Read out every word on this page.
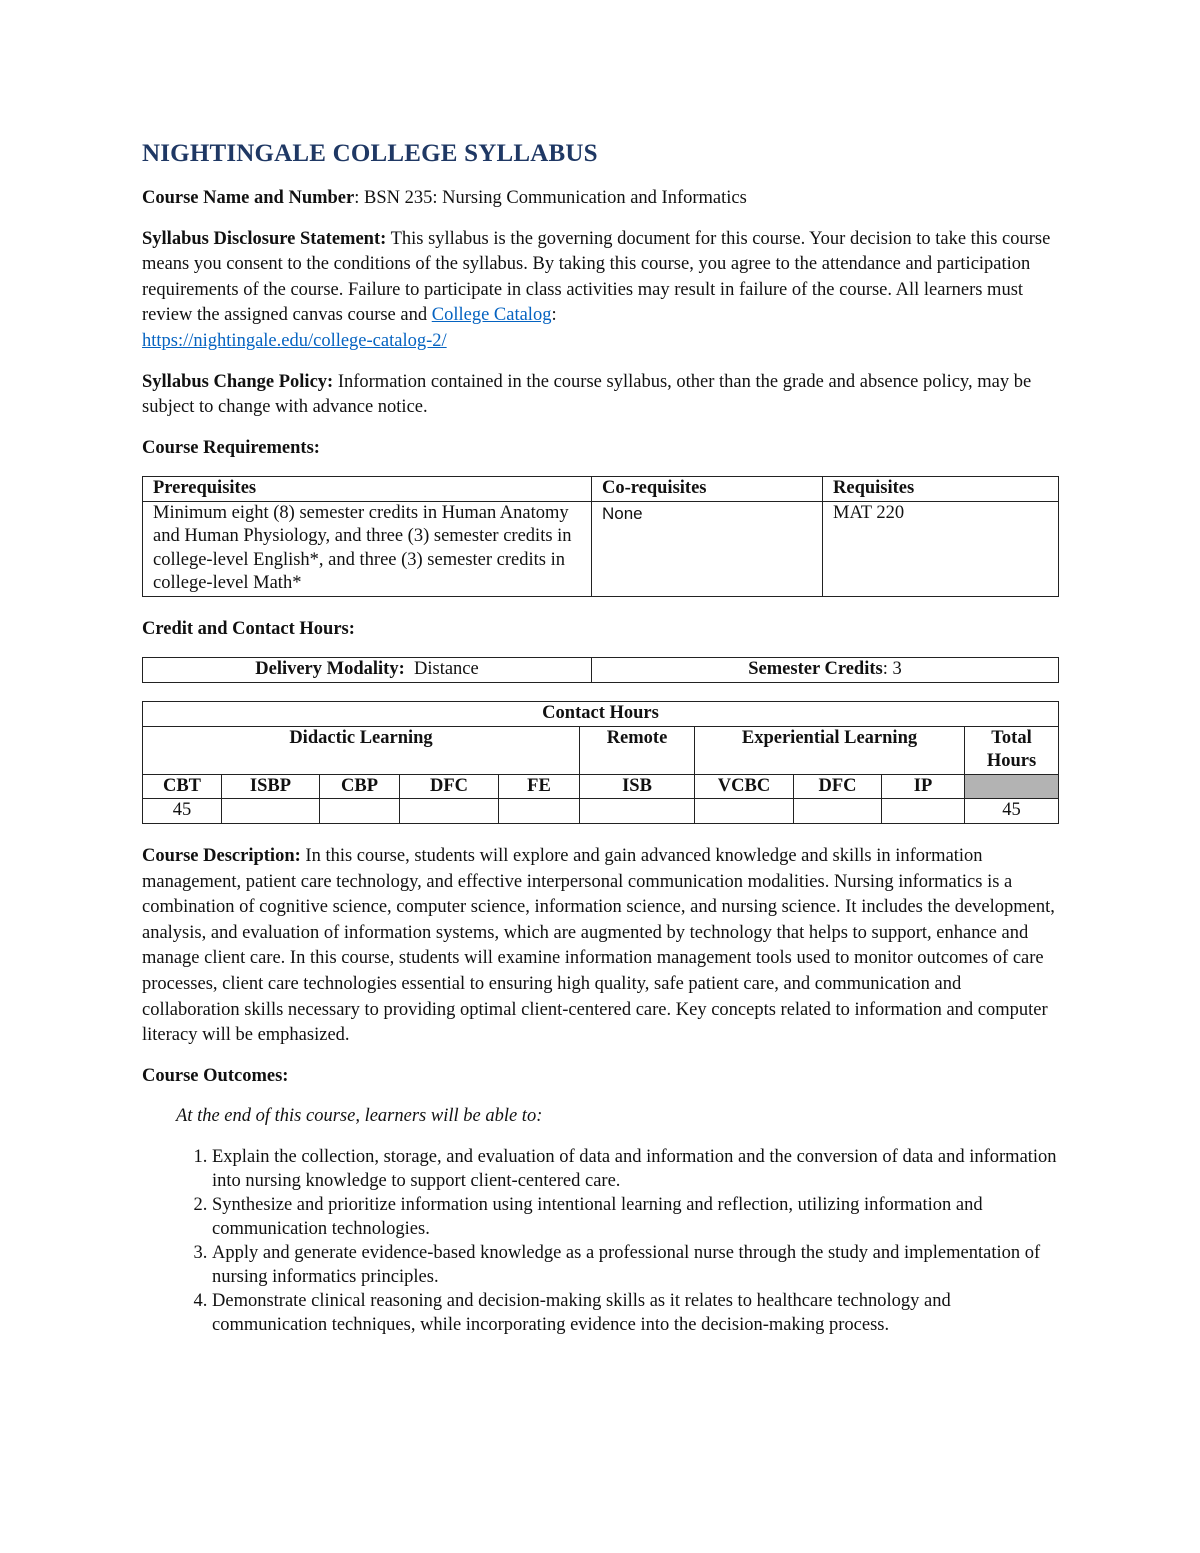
NIGHTINGALE COLLEGE SYLLABUS

Course Name and Number: BSN 235: Nursing Communication and Informatics

Syllabus Disclosure Statement: This syllabus is the governing document for this course. Your decision to take this course means you consent to the conditions of the syllabus. By taking this course, you agree to the attendance and participation requirements of the course. Failure to participate in class activities may result in failure of the course. All learners must review the assigned canvas course and College Catalog:
https://nightingale.edu/college-catalog-2/

Syllabus Change Policy: Information contained in the course syllabus, other than the grade and absence policy, may be subject to change with advance notice.

Course Requirements:

Prerequisites	Co-requisites	Requisites
Minimum eight (8) semester credits in Human Anatomy and Human Physiology, and three (3) semester credits in college-level English*, and three (3) semester credits in college-level Math*	None	MAT 220

Credit and Contact Hours:

Delivery Modality: Distance	Semester Credits: 3
Contact Hours									
Didactic Learning					Remote	Experiential Learning			Total Hours
CBT	ISBP	CBP	DFC	FE	ISB	VCBC	DFC	IP	
45									45

Course Description: In this course, students will explore and gain advanced knowledge and skills in information management, patient care technology, and effective interpersonal communication modalities. Nursing informatics is a combination of cognitive science, computer science, information science, and nursing science. It includes the development, analysis, and evaluation of information systems, which are augmented by technology that helps to support, enhance and manage client care. In this course, students will examine information management tools used to monitor outcomes of care processes, client care technologies essential to ensuring high quality, safe patient care, and communication and collaboration skills necessary to providing optimal client-centered care. Key concepts related to information and computer literacy will be emphasized.

Course Outcomes:

At the end of this course, learners will be able to:

1. Explain the collection, storage, and evaluation of data and information and the conversion of data and information into nursing knowledge to support client-centered care.
2. Synthesize and prioritize information using intentional learning and reflection, utilizing information and communication technologies.
3. Apply and generate evidence-based knowledge as a professional nurse through the study and implementation of nursing informatics principles.
4. Demonstrate clinical reasoning and decision-making skills as it relates to healthcare technology and communication techniques, while incorporating evidence into the decision-making process.
